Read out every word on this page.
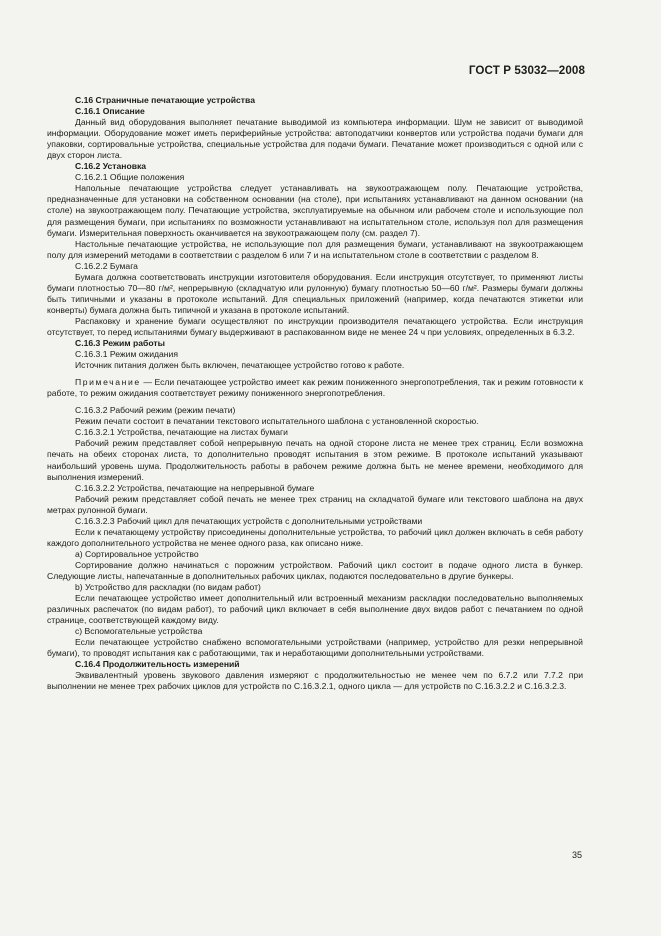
ГОСТ Р 53032—2008

С.16 Страничные печатающие устройства

С.16.1 Описание

Данный вид оборудования выполняет печатание выводимой из компьютера информации. Шум не зависит от выводимой информации. Оборудование может иметь периферийные устройства: автоподатчики конвертов или устройства подачи бумаги для упаковки, сортировальные устройства, специальные устройства для подачи бумаги. Печатание может производиться с одной или с двух сторон листа.

С.16.2 Установка

С.16.2.1 Общие положения

Напольные печатающие устройства следует устанавливать на звукоотражающем полу. Печатающие устройства, предназначенные для установки на собственном основании (на столе), при испытаниях устанавливают на данном основании (на столе) на звукоотражающем полу. Печатающие устройства, эксплуатируемые на обычном или рабочем столе и использующие пол для размещения бумаги, при испытаниях по возможности устанавливают на испытательном столе, используя пол для размещения бумаги. Измерительная поверхность оканчивается на звукоотражающем полу (см. раздел 7).

Настольные печатающие устройства, не использующие пол для размещения бумаги, устанавливают на звукоотражающем полу для измерений методами в соответствии с разделом 6 или 7 и на испытательном столе в соответствии с разделом 8.

С.16.2.2 Бумага

Бумага должна соответствовать инструкции изготовителя оборудования. Если инструкция отсутствует, то применяют листы бумаги плотностью 70—80 г/м², непрерывную (складчатую или рулонную) бумагу плотностью 50—60 г/м². Размеры бумаги должны быть типичными и указаны в протоколе испытаний. Для специальных приложений (например, когда печатаются этикетки или конверты) бумага должна быть типичной и указана в протоколе испытаний.

Распаковку и хранение бумаги осуществляют по инструкции производителя печатающего устройства. Если инструкция отсутствует, то перед испытаниями бумагу выдерживают в распакованном виде не менее 24 ч при условиях, определенных в 6.3.2.

С.16.3 Режим работы

С.16.3.1 Режим ожидания

Источник питания должен быть включен, печатающее устройство готово к работе.

Примечание — Если печатающее устройство имеет как режим пониженного энергопотребления, так и режим готовности к работе, то режим ожидания соответствует режиму пониженного энергопотребления.

С.16.3.2 Рабочий режим (режим печати)

Режим печати состоит в печатании текстового испытательного шаблона с установленной скоростью.

С.16.3.2.1 Устройства, печатающие на листах бумаги

Рабочий режим представляет собой непрерывную печать на одной стороне листа не менее трех страниц. Если возможна печать на обеих сторонах листа, то дополнительно проводят испытания в этом режиме. В протоколе испытаний указывают наибольший уровень шума. Продолжительность работы в рабочем режиме должна быть не менее времени, необходимого для выполнения измерений.

С.16.3.2.2 Устройства, печатающие на непрерывной бумаге

Рабочий режим представляет собой печать не менее трех страниц на складчатой бумаге или текстового шаблона на двух метрах рулонной бумаги.

С.16.3.2.3 Рабочий цикл для печатающих устройств с дополнительными устройствами

Если к печатающему устройству присоединены дополнительные устройства, то рабочий цикл должен включать в себя работу каждого дополнительного устройства не менее одного раза, как описано ниже.

а) Сортировальное устройство

Сортирование должно начинаться с порожним устройством. Рабочий цикл состоит в подаче одного листа в бункер. Следующие листы, напечатанные в дополнительных рабочих циклах, подаются последовательно в другие бункеры.

b) Устройство для раскладки (по видам работ)

Если печатающее устройство имеет дополнительный или встроенный механизм раскладки последовательно выполняемых различных распечаток (по видам работ), то рабочий цикл включает в себя выполнение двух видов работ с печатанием по одной странице, соответствующей каждому виду.

с) Вспомогательные устройства

Если печатающее устройство снабжено вспомогательными устройствами (например, устройство для резки непрерывной бумаги), то проводят испытания как с работающими, так и неработающими дополнительными устройствами.

С.16.4 Продолжительность измерений

Эквивалентный уровень звукового давления измеряют с продолжительностью не менее чем по 6.7.2 или 7.7.2 при выполнении не менее трех рабочих циклов для устройств по С.16.3.2.1, одного цикла — для устройств по С.16.3.2.2 и С.16.3.2.3.

35
